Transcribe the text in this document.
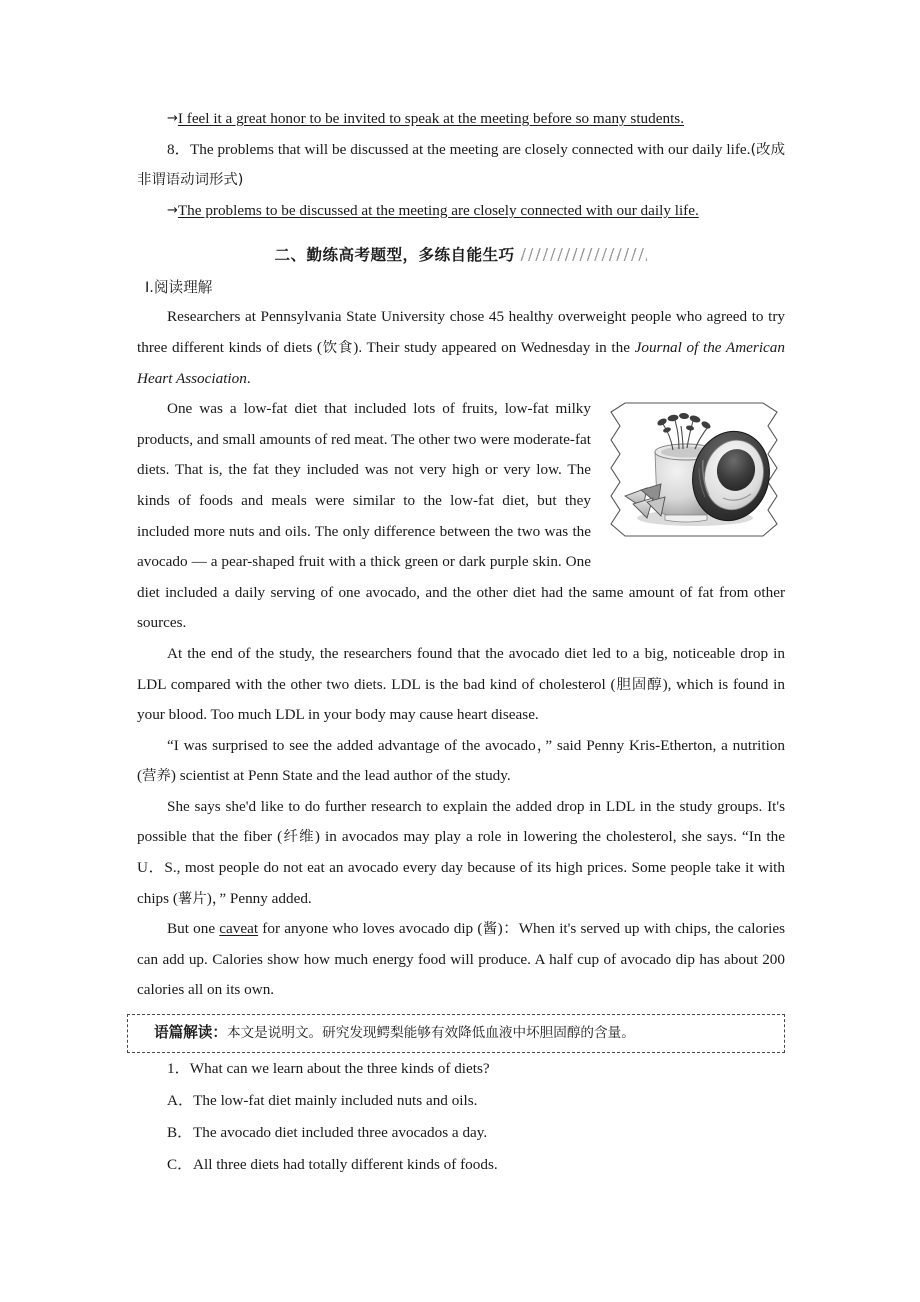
→I feel it a great honor to be invited to speak at the meeting before so many students.

8．The problems that will be discussed at the meeting are closely connected with our daily life.(改成非谓语动词形式)

→The problems to be discussed at the meeting are closely connected with our daily life.

二、勤练高考题型，多练自能生巧

Ⅰ.阅读理解

Researchers at Pennsylvania State University chose 45 healthy overweight people who agreed to try three different kinds of diets (饮食). Their study appeared on Wednesday in the Journal of the American Heart Association.

One was a low-fat diet that included lots of fruits, low-fat milky products, and small amounts of red meat. The other two were moderate-fat diets. That is, the fat they included was not very high or very low. The kinds of foods and meals were similar to the low-fat diet, but they included more nuts and oils. The only difference between the two was the avocado — a pear-shaped fruit with a thick green or dark purple skin. One diet included a daily serving of one avocado, and the other diet had the same amount of fat from other sources.

At the end of the study, the researchers found that the avocado diet led to a big, noticeable drop in LDL compared with the other two diets. LDL is the bad kind of cholesterol (胆固醇), which is found in your blood. Too much LDL in your body may cause heart disease.

“I was surprised to see the added advantage of the avocado，” said Penny Kris-Etherton, a nutrition (营养) scientist at Penn State and the lead author of the study.

She says she'd like to do further research to explain the added drop in LDL in the study groups. It's possible that the fiber (纤维) in avocados may play a role in lowering the cholesterol, she says. “In the U．S., most people do not eat an avocado every day because of its high prices. Some people take it with chips (薯片)，” Penny added.

But one caveat for anyone who loves avocado dip (酱)：When it's served up with chips, the calories can add up. Calories show how much energy food will produce. A half cup of avocado dip has about 200 calories all on its own.

语篇解读：本文是说明文。研究发现鳄梨能够有效降低血液中坏胆固醇的含量。

1．What can we learn about the three kinds of diets?

A．The low-fat diet mainly included nuts and oils.

B．The avocado diet included three avocados a day.

C．All three diets had totally different kinds of foods.
